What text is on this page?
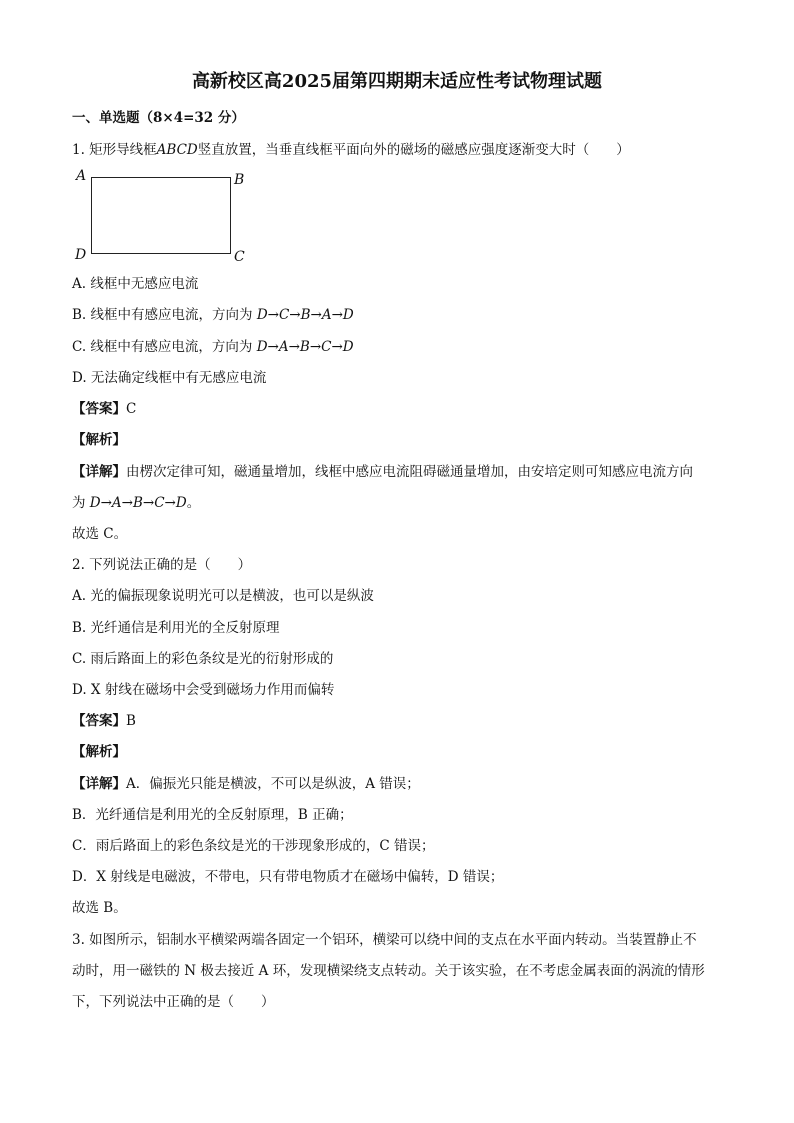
高新校区高2025届第四期期末适应性考试物理试题
一、单选题（8×4=32 分）
1. 矩形导线框ABCD竖直放置，当垂直线框平面向外的磁场的磁感应强度逐渐变大时（　　）
A	B
C
D
A. 线框中无感应电流
B. 线框中有感应电流，方向为 D→C→B→A→D
C. 线框中有感应电流，方向为 D→A→B→C→D
D. 无法确定线框中有无感应电流
【答案】C
【解析】
【详解】由楞次定律可知，磁通量增加，线框中感应电流阻碍磁通量增加，由安培定则可知感应电流方向
为 D→A→B→C→D。
故选 C。
2. 下列说法正确的是（　　）
A. 光的偏振现象说明光可以是横波，也可以是纵波
B. 光纤通信是利用光的全反射原理
C. 雨后路面上的彩色条纹是光的衍射形成的
D. X 射线在磁场中会受到磁场力作用而偏转
【答案】B
【解析】
【详解】A．偏振光只能是横波，不可以是纵波，A 错误；
B．光纤通信是利用光的全反射原理，B 正确；
C．雨后路面上的彩色条纹是光的干涉现象形成的，C 错误；
D．X 射线是电磁波，不带电，只有带电物质才在磁场中偏转，D 错误；
故选 B。
3. 如图所示，铝制水平横梁两端各固定一个铝环，横梁可以绕中间的支点在水平面内转动。当装置静止不
动时，用一磁铁的 N 极去接近 A 环，发现横梁绕支点转动。关于该实验，在不考虑金属表面的涡流的情形
下，下列说法中正确的是（　　）
